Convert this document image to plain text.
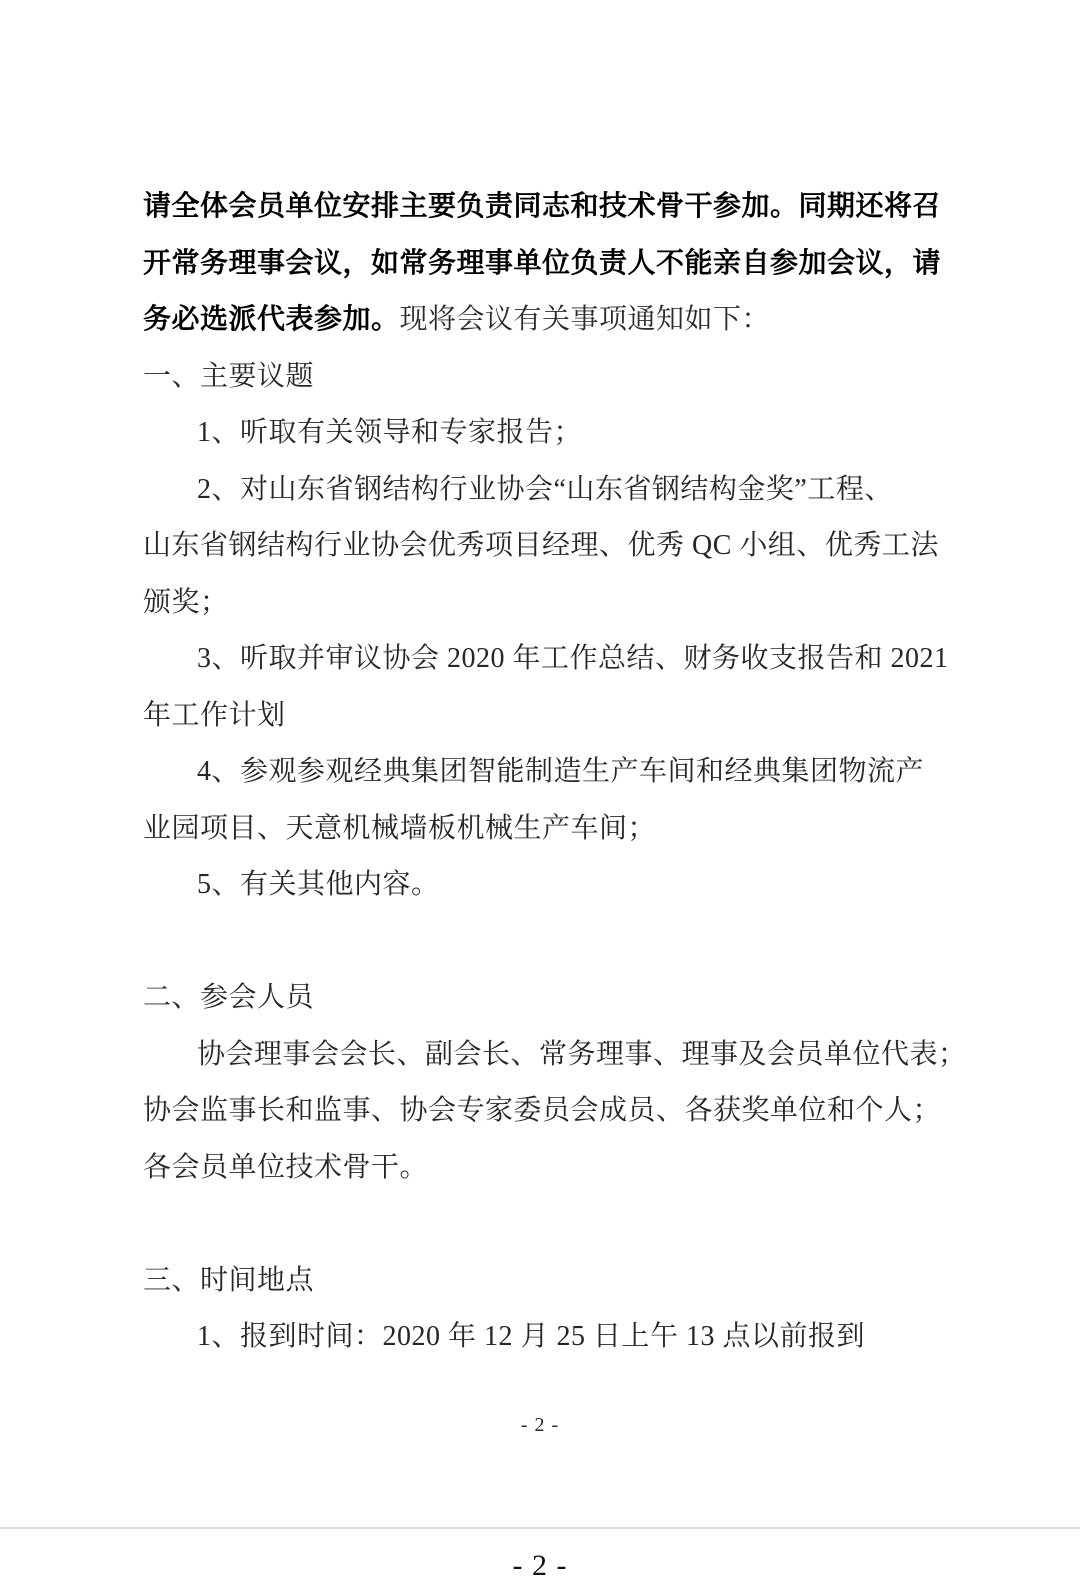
请全体会员单位安排主要负责同志和技术骨干参加。同期还将召
开常务理事会议，如常务理事单位负责人不能亲自参加会议，请
务必选派代表参加。现将会议有关事项通知如下：
一、主要议题
1、听取有关领导和专家报告；
2、对山东省钢结构行业协会“山东省钢结构金奖”工程、
山东省钢结构行业协会优秀项目经理、优秀 QC 小组、优秀工法
颁奖；
3、听取并审议协会 2020 年工作总结、财务收支报告和 2021
年工作计划
4、参观参观经典集团智能制造生产车间和经典集团物流产
业园项目、天意机械墙板机械生产车间；
5、有关其他内容。
二、参会人员
协会理事会会长、副会长、常务理事、理事及会员单位代表；
协会监事长和监事、协会专家委员会成员、各获奖单位和个人；
各会员单位技术骨干。
三、时间地点
1、报到时间：2020 年 12 月 25 日上午 13 点以前报到
- 2 -
- 2 -
